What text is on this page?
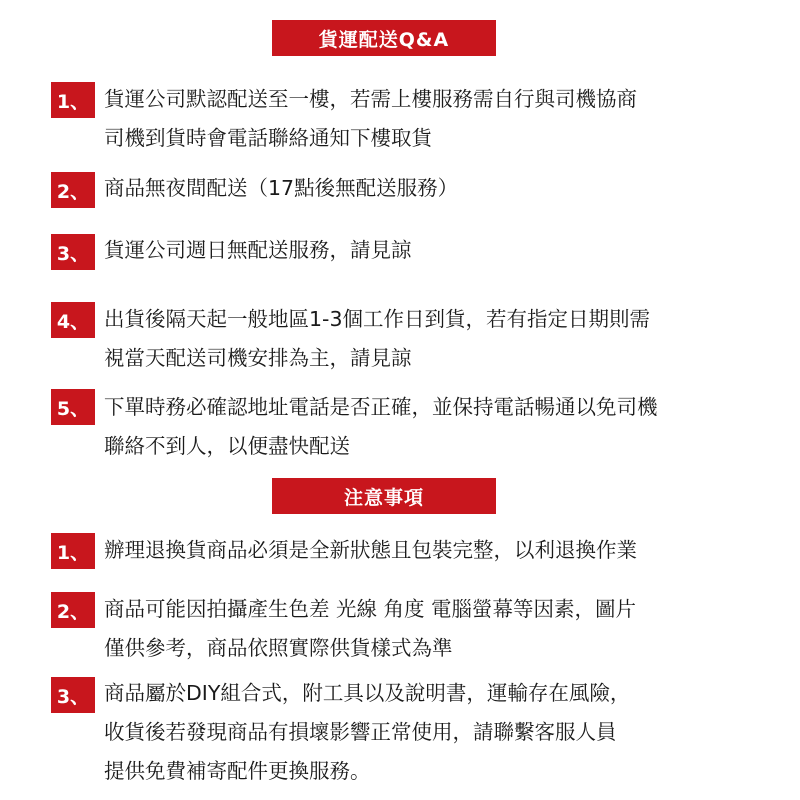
貨運配送Q&A
1、 貨運公司默認配送至一樓，若需上樓服務需自行與司機協商
司機到貨時會電話聯絡通知下樓取貨
2、 商品無夜間配送（17點後無配送服務）
3、 貨運公司週日無配送服務，請見諒
4、 出貨後隔天起一般地區1-3個工作日到貨，若有指定日期則需
視當天配送司機安排為主，請見諒
5、 下單時務必確認地址電話是否正確，並保持電話暢通以免司機
聯絡不到人，以便盡快配送
注意事項
1、 辦理退換貨商品必須是全新狀態且包裝完整，以利退換作業
2、 商品可能因拍攝產生色差 光線 角度 電腦螢幕等因素，圖片
僅供參考，商品依照實際供貨樣式為準
3、 商品屬於DIY組合式，附工具以及說明書，運輸存在風險，
收貨後若發現商品有損壞影響正常使用，請聯繫客服人員
提供免費補寄配件更換服務。
